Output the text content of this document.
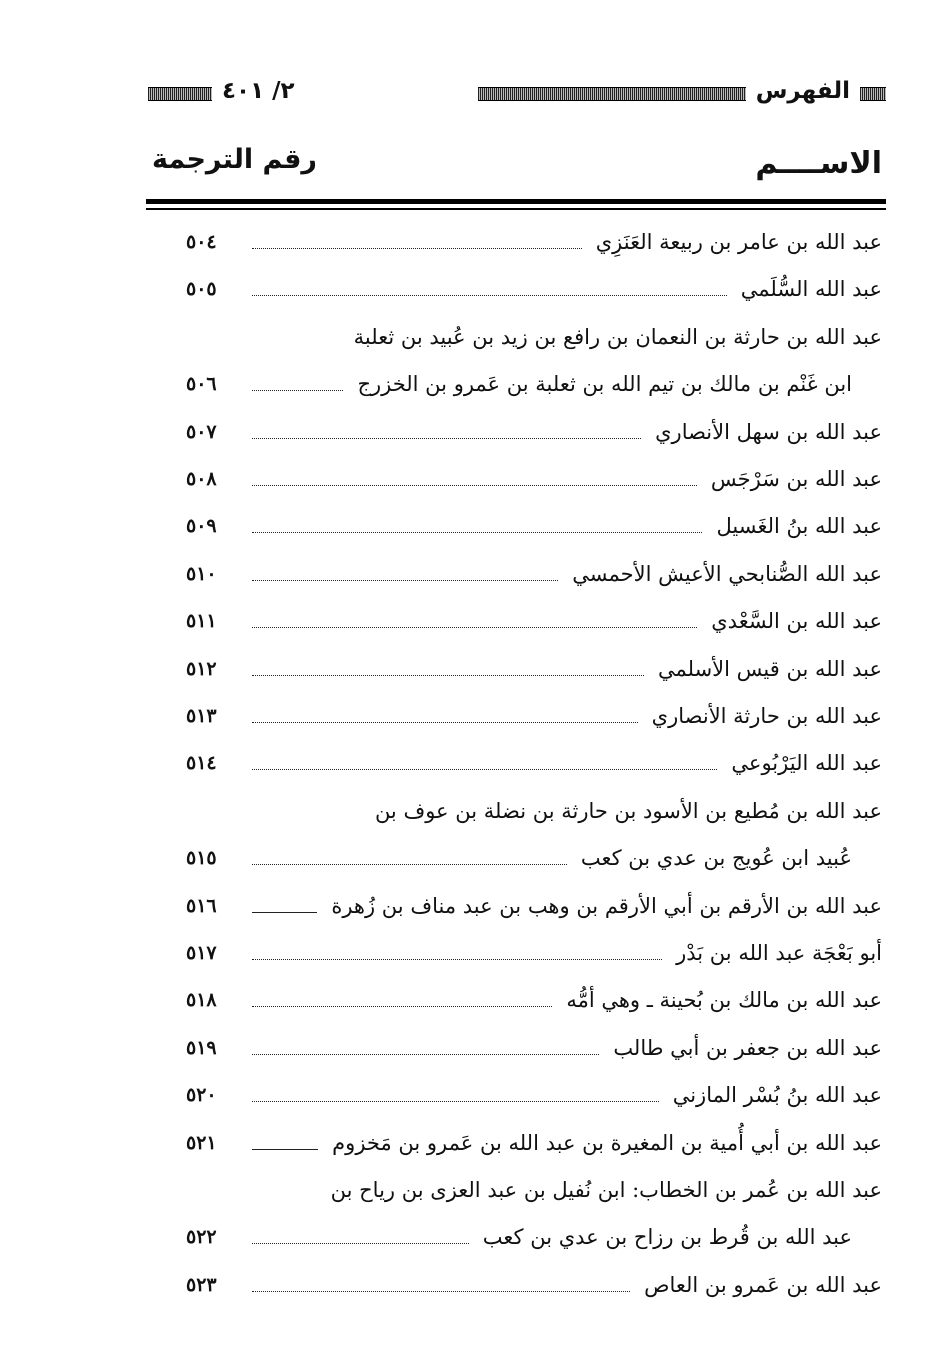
الفهرس
٢/ ٤٠١
الاســــم
رقم الترجمة
عبد الله بن عامر بن ربيعة العَنَزِي
٥٠٤
عبد الله السُّلَمي
٥٠٥
عبد الله بن حارثة بن النعمان بن رافع بن زيد بن عُبيد بن ثعلبة
ابن غَنْم بن مالك بن تيم الله بن ثعلبة بن عَمرو بن الخزرج
٥٠٦
عبد الله بن سهل الأنصاري
٥٠٧
عبد الله بن سَرْجَس
٥٠٨
عبد الله بنُ الغَسيل
٥٠٩
عبد الله الصُّنابحي الأعيش الأحمسي
٥١٠
عبد الله بن السَّعْدي
٥١١
عبد الله بن قيس الأسلمي
٥١٢
عبد الله بن حارثة الأنصاري
٥١٣
عبد الله اليَرْبُوعي
٥١٤
عبد الله بن مُطيع بن الأسود بن حارثة بن نضلة بن عوف بن
عُبيد ابن عُويج بن عدي بن كعب
٥١٥
عبد الله بن الأرقم بن أبي الأرقم بن وهب بن عبد مناف بن زُهرة
٥١٦
أبو بَعْجَة عبد الله بن بَدْر
٥١٧
عبد الله بن مالك بن بُحينة ـ وهي أمُّه
٥١٨
عبد الله بن جعفر بن أبي طالب
٥١٩
عبد الله بنُ بُسْر المازني
٥٢٠
عبد الله بن أبي أُمية بن المغيرة بن عبد الله بن عَمرو بن مَخزوم
٥٢١
عبد الله بن عُمر بن الخطاب: ابن نُفيل بن عبد العزى بن رياح بن
عبد الله بن قُرط بن رزاح بن عدي بن كعب
٥٢٢
عبد الله بن عَمرو بن العاص
٥٢٣
